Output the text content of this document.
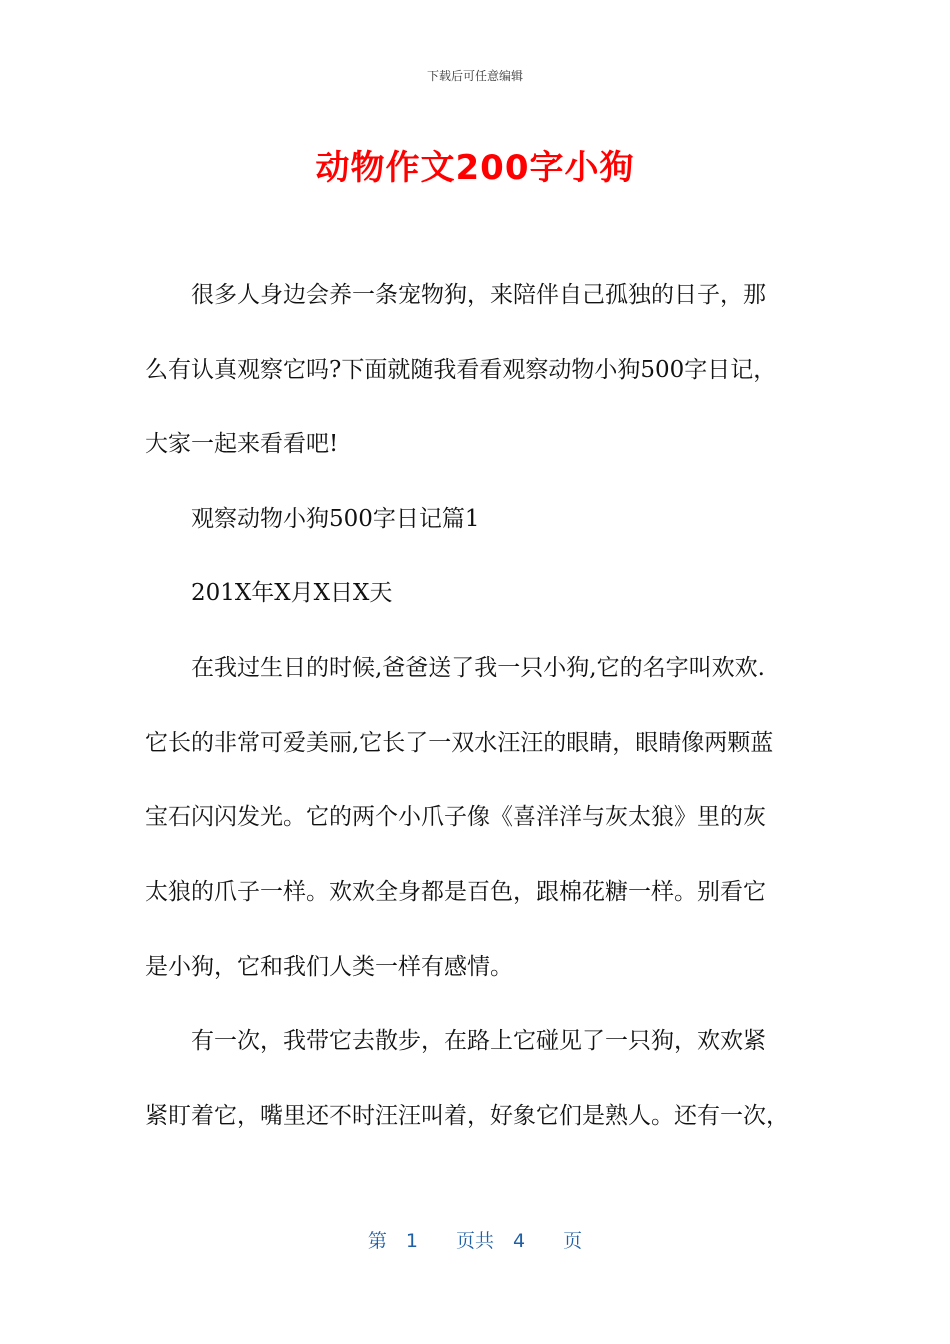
下载后可任意编辑
动物作文200字小狗
　　很多人身边会养一条宠物狗，来陪伴自己孤独的日子，那
么有认真观察它吗?下面就随我看看观察动物小狗500字日记，
大家一起来看看吧!
　　观察动物小狗500字日记篇1
　　201X年X月X日X天
　　在我过生日的时候,爸爸送了我一只小狗,它的名字叫欢欢.
它长的非常可爱美丽,它长了一双水汪汪的眼睛，眼睛像两颗蓝
宝石闪闪发光。它的两个小爪子像《喜洋洋与灰太狼》里的灰
太狼的爪子一样。欢欢全身都是百色，跟棉花糖一样。别看它
是小狗，它和我们人类一样有感情。
　　有一次，我带它去散步，在路上它碰见了一只狗，欢欢紧
紧盯着它，嘴里还不时汪汪叫着，好象它们是熟人。还有一次，
第　1　　页共　4　　页
